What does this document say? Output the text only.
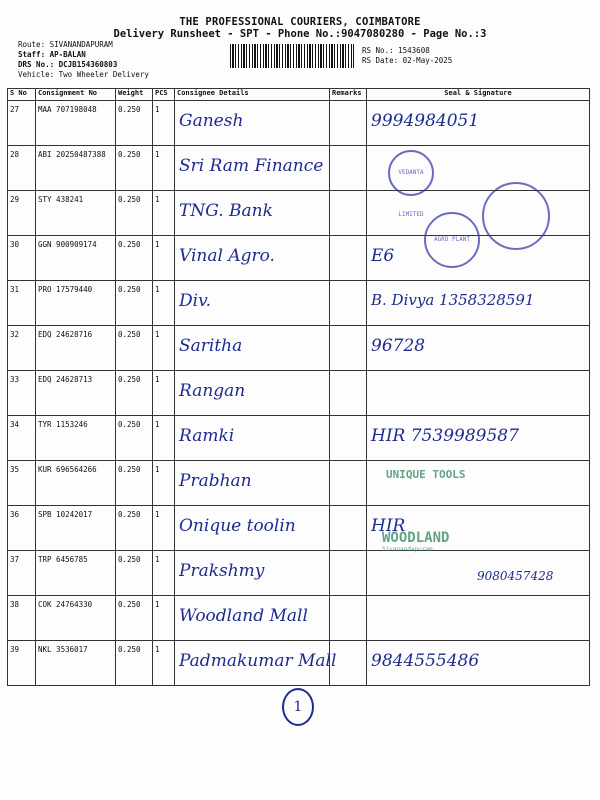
THE PROFESSIONAL COURIERS, COIMBATORE
Delivery Runsheet - SPT - Phone No.:9047080280 - Page No.:3
Route: SIVANANDAPURAM
Staff: AP-BALAN
DRS No.: DCJB154360803
Vehicle: Two Wheeler Delivery
RS No.: 1543608
RS Date: 02-May-2025
S No	Consignment No	Weight	PCS	Consignee Details	Remarks	Seal & Signature
27	MAA 707198048	0.250	1	Ganesh		9994984051

28	ABI 20250487388	0.250	1	Sri Ram Finance		

29	STY 438241	0.250	1	TNG. Bank		

30	GGN 900909174	0.250	1	Vinal Agro.		E6

31	PRO 17579440	0.250	1	Div.		B. Divya 1358328591

32	EDQ 24628716	0.250	1	Saritha		96728

33	EDQ 24628713	0.250	1	Rangan		

34	TYR 1153246	0.250	1	Ramki		HIR 7539989587

35	KUR 696564266	0.250	1	Prabhan		

36	SPB 10242017	0.250	1	Onique toolin		HIR

37	TRP 6456785	0.250	1	Prakshmy		9080457428

38	COK 24764330	0.250	1	Woodland Mall		

39	NKL 3536017	0.250	1	Padmakumar Mall		9844555486
VEDANTA LIMITED
AGRO PLANT
UNIQUE TOOLS
WOODLAND
Sivanandapuram
1
